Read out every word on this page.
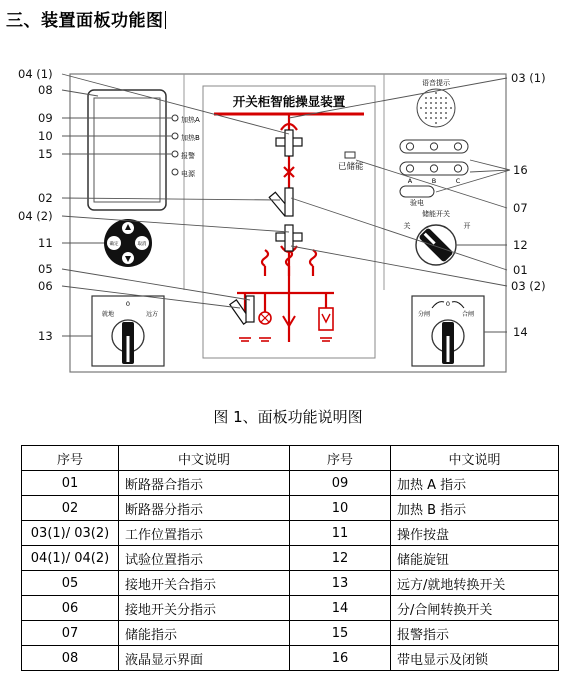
三、装置面板功能图
加热A
加热B
报警
电源
确定	取消
开关柜智能操显装置
已储能
语音提示
A	B	C
验电
储能开关
关	开
0
就地	远方
0
分闸	合闸
04 (1)
08
09
10
15
02
04 (2)
11
05
06
13
03 (1)
16
07
12
01
03 (2)
14
图 1、面板功能说明图
序号	中文说明	序号	中文说明
01	断路器合指示	09	加热 A 指示
02	断路器分指示	10	加热 B 指示
03(1)/ 03(2)	工作位置指示	11	操作按盘
04(1)/ 04(2)	试验位置指示	12	储能旋钮
05	接地开关合指示	13	远方/就地转换开关
06	接地开关分指示	14	分/合闸转换开关
07	储能指示	15	报警指示
08	液晶显示界面	16	带电显示及闭锁
